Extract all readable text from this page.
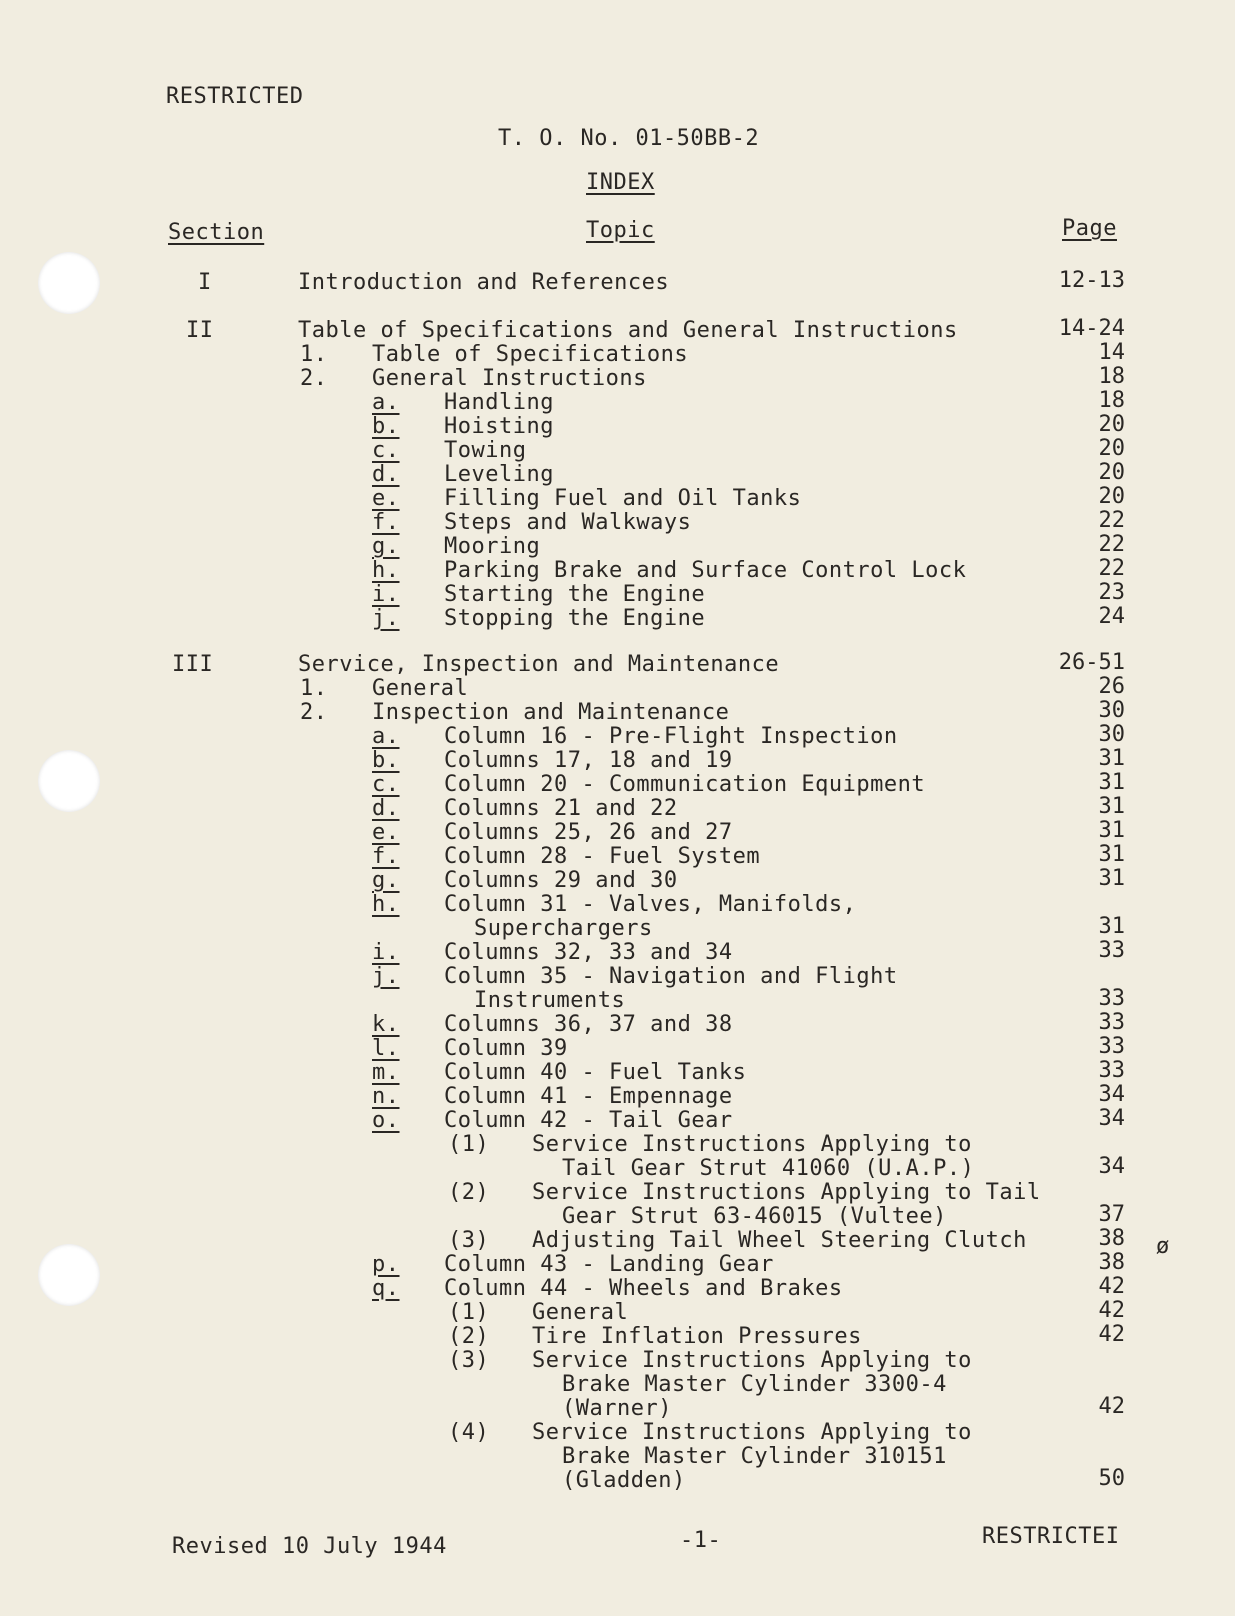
RESTRICTED
T. O. No. 01-50BB-2
INDEX
Section	Topic	Page
I	Introduction and References	12-13
II	Table of Specifications and General Instructions	14-24
1. Table of Specifications	14
2. General Instructions	18
a. Handling	18
b. Hoisting	20
c. Towing	20
d. Leveling	20
e. Filling Fuel and Oil Tanks	20
f. Steps and Walkways	22
g. Mooring	22
h. Parking Brake and Surface Control Lock	22
i. Starting the Engine	23
j. Stopping the Engine	24
III	Service, Inspection and Maintenance	26-51
1. General	26
2. Inspection and Maintenance	30
a. Column 16 - Pre-Flight Inspection	30
b. Columns 17, 18 and 19	31
c. Column 20 - Communication Equipment	31
d. Columns 21 and 22	31
e. Columns 25, 26 and 27	31
f. Column 28 - Fuel System	31
g. Columns 29 and 30	31
h. Column 31 - Valves, Manifolds,
Superchargers	31
i. Columns 32, 33 and 34	33
j. Column 35 - Navigation and Flight
Instruments	33
k. Columns 36, 37 and 38	33
l. Column 39	33
m. Column 40 - Fuel Tanks	33
n. Column 41 - Empennage	34
o. Column 42 - Tail Gear	34
(1) Service Instructions Applying to
Tail Gear Strut 41060 (U.A.P.)	34
(2) Service Instructions Applying to Tail
Gear Strut 63-46015 (Vultee)	37
(3) Adjusting Tail Wheel Steering Clutch	38
p. Column 43 - Landing Gear	38
q. Column 44 - Wheels and Brakes	42
(1) General	42
(2) Tire Inflation Pressures	42
(3) Service Instructions Applying to
Brake Master Cylinder 3300-4
(Warner)	42
(4) Service Instructions Applying to
Brake Master Cylinder 310151
(Gladden)	50
ø
Revised 10 July 1944	-1-	RESTRICTEI
